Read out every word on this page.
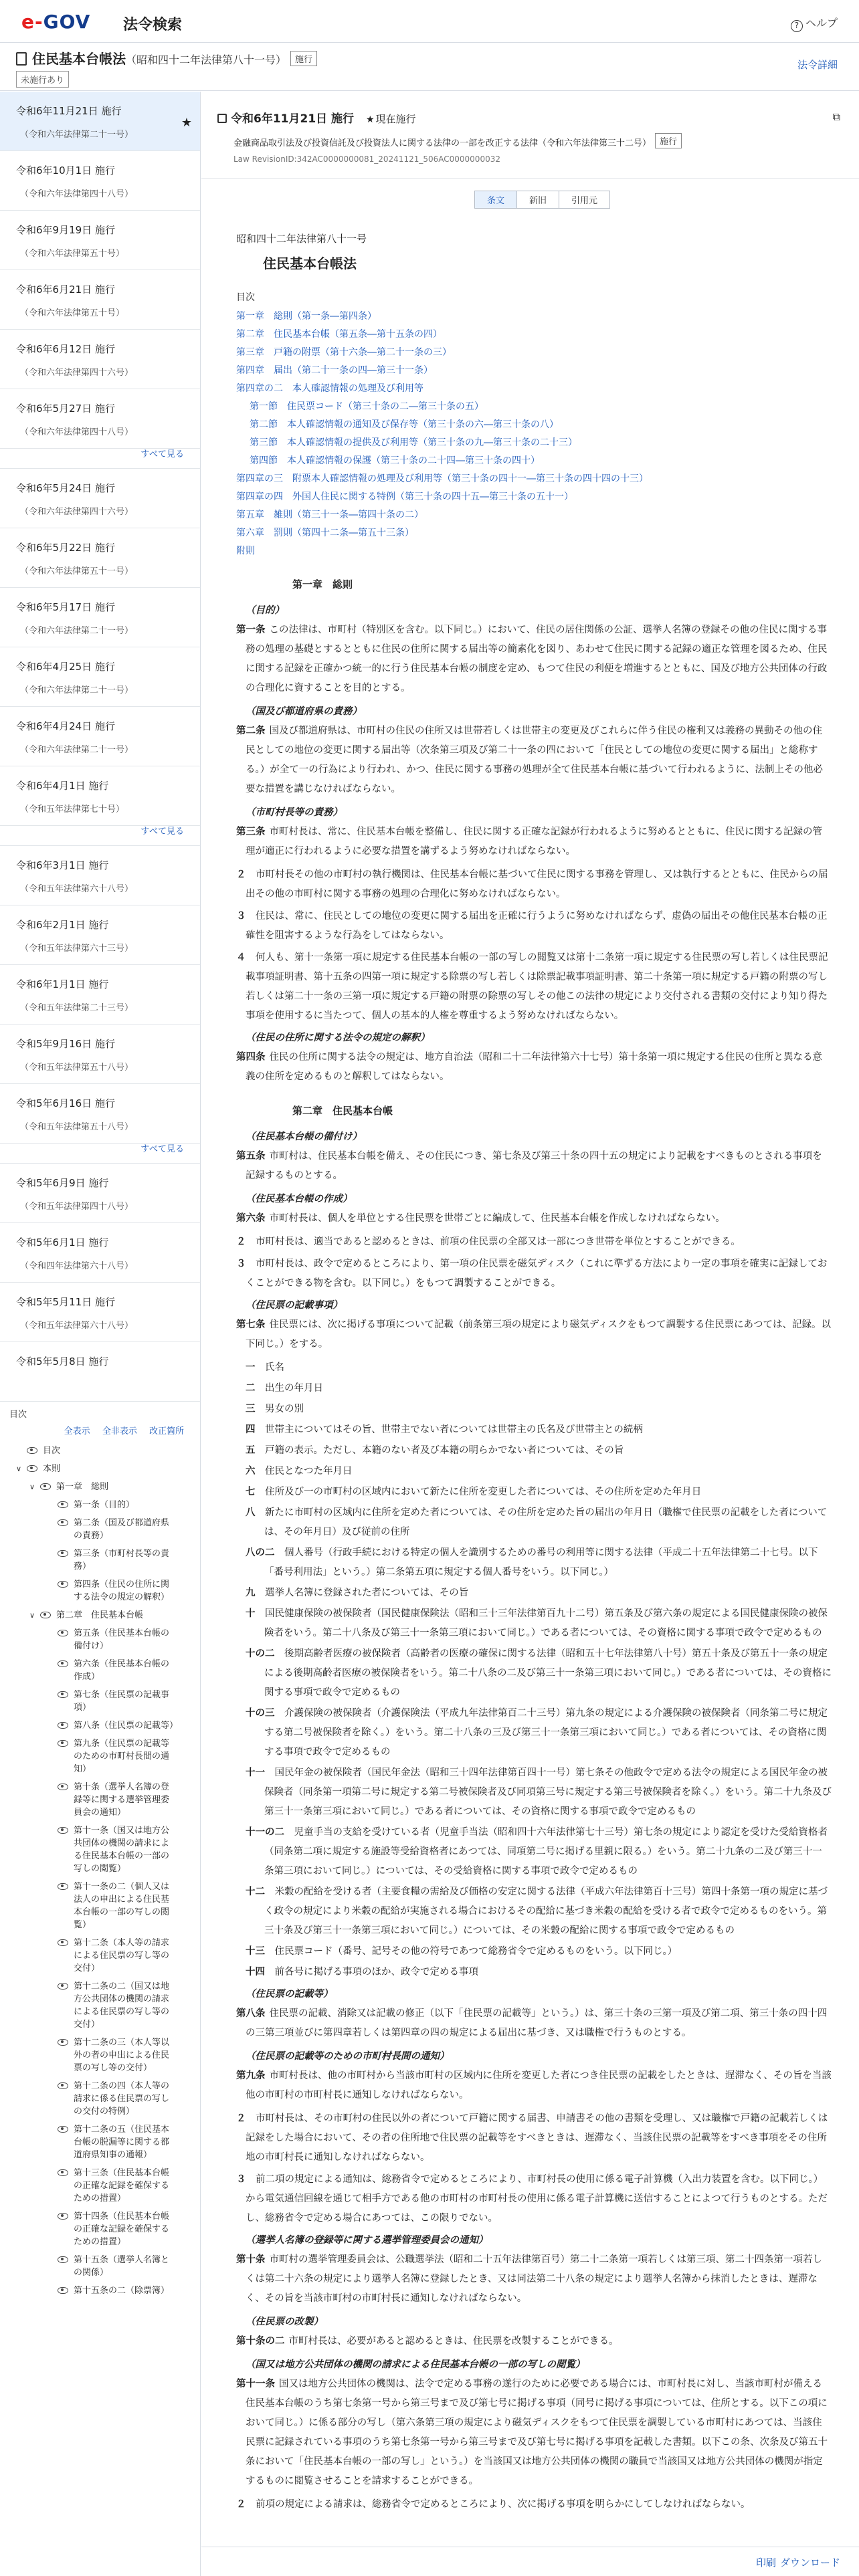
e-GOV 法令検索	? ヘルプ
住民基本台帳法（昭和四十二年法律第八十一号） 施行
未施行あり
法令詳細
令和6年11月21日 施行
（令和六年法律第二十一号）
★
令和6年10月1日 施行
（令和六年法律第四十八号）
令和6年9月19日 施行
（令和六年法律第五十号）
令和6年6月21日 施行
（令和六年法律第五十号）
令和6年6月12日 施行
（令和六年法律第四十六号）
令和6年5月27日 施行
（令和六年法律第四十八号）
すべて見る
令和6年5月24日 施行
（令和六年法律第四十六号）
令和6年5月22日 施行
（令和六年法律第五十一号）
令和6年5月17日 施行
（令和六年法律第二十一号）
令和6年4月25日 施行
（令和六年法律第二十一号）
令和6年4月24日 施行
（令和六年法律第二十一号）
令和6年4月1日 施行
（令和五年法律第七十号）
すべて見る
令和6年3月1日 施行
（令和五年法律第六十八号）
令和6年2月1日 施行
（令和五年法律第六十三号）
令和6年1月1日 施行
（令和五年法律第二十三号）
令和5年9月16日 施行
（令和五年法律第五十八号）
令和5年6月16日 施行
（令和五年法律第五十八号）
すべて見る
令和5年6月9日 施行
（令和五年法律第四十八号）
令和5年6月1日 施行
（令和四年法律第六十八号）
令和5年5月11日 施行
（令和五年法律第六十八号）
令和5年5月8日 施行
目次
全表示 全非表示 改正箇所
目次
∨	本則
∨	第一章　総則
第一条（目的）
第二条（国及び都道府県の責務）
第三条（市町村長等の責務）
第四条（住民の住所に関する法令の規定の解釈）
∨	第二章　住民基本台帳
第五条（住民基本台帳の備付け）
第六条（住民基本台帳の作成）
第七条（住民票の記載事項）
第八条（住民票の記載等）
第九条（住民票の記載等のための市町村長間の通知）
第十条（選挙人名簿の登録等に関する選挙管理委員会の通知）
第十一条（国又は地方公共団体の機関の請求による住民基本台帳の一部の写しの閲覧）
第十一条の二（個人又は法人の申出による住民基本台帳の一部の写しの閲覧）
第十二条（本人等の請求による住民票の写し等の交付）
第十二条の二（国又は地方公共団体の機関の請求による住民票の写し等の交付）
第十二条の三（本人等以外の者の申出による住民票の写し等の交付）
第十二条の四（本人等の請求に係る住民票の写しの交付の特例）
第十二条の五（住民基本台帳の脱漏等に関する都道府県知事の通報）
第十三条（住民基本台帳の正確な記録を確保するための措置）
第十四条（住民基本台帳の正確な記録を確保するための措置）
第十五条（選挙人名簿との関係）
第十五条の二（除票簿）
令和6年11月21日 施行 ★ 現在施行
金融商品取引法及び投資信託及び投資法人に関する法律の一部を改正する法律（令和六年法律第三十二号） 施行
Law RevisionID:342AC0000000081_20241121_506AC0000000032
⧉
条文	新旧	引用元
昭和四十二年法律第八十一号
住民基本台帳法
目次
第一章　総則（第一条―第四条）
第二章　住民基本台帳（第五条―第十五条の四）
第三章　戸籍の附票（第十六条―第二十一条の三）
第四章　届出（第二十一条の四―第三十一条）
第四章の二　本人確認情報の処理及び利用等
第一節　住民票コード（第三十条の二―第三十条の五）
第二節　本人確認情報の通知及び保存等（第三十条の六―第三十条の八）
第三節　本人確認情報の提供及び利用等（第三十条の九―第三十条の二十三）
第四節　本人確認情報の保護（第三十条の二十四―第三十条の四十）
第四章の三　附票本人確認情報の処理及び利用等（第三十条の四十一―第三十条の四十四の十三）
第四章の四　外国人住民に関する特例（第三十条の四十五―第三十条の五十一）
第五章　雑則（第三十一条―第四十条の二）
第六章　罰則（第四十二条―第五十三条）
附則
第一章　総則
（目的）
第一条 この法律は、市町村（特別区を含む。以下同じ。）において、住民の居住関係の公証、選挙人名簿の登録その他の住民に関する事務の処理の基礎とするとともに住民の住所に関する届出等の簡素化を図り、あわせて住民に関する記録の適正な管理を図るため、住民に関する記録を正確かつ統一的に行う住民基本台帳の制度を定め、もつて住民の利便を増進するとともに、国及び地方公共団体の行政の合理化に資することを目的とする。
（国及び都道府県の責務）
第二条 国及び都道府県は、市町村の住民の住所又は世帯若しくは世帯主の変更及びこれらに伴う住民の権利又は義務の異動その他の住民としての地位の変更に関する届出等（次条第三項及び第二十一条の四において「住民としての地位の変更に関する届出」と総称する。）が全て一の行為により行われ、かつ、住民に関する事務の処理が全て住民基本台帳に基づいて行われるように、法制上その他必要な措置を講じなければならない。
（市町村長等の責務）
第三条 市町村長は、常に、住民基本台帳を整備し、住民に関する正確な記録が行われるように努めるとともに、住民に関する記録の管理が適正に行われるように必要な措置を講ずるよう努めなければならない。
２　 市町村長その他の市町村の執行機関は、住民基本台帳に基づいて住民に関する事務を管理し、又は執行するとともに、住民からの届出その他の市町村に関する事務の処理の合理化に努めなければならない。
３　 住民は、常に、住民としての地位の変更に関する届出を正確に行うように努めなければならず、虚偽の届出その他住民基本台帳の正確性を阻害するような行為をしてはならない。
４　 何人も、第十一条第一項に規定する住民基本台帳の一部の写しの閲覧又は第十二条第一項に規定する住民票の写し若しくは住民票記載事項証明書、第十五条の四第一項に規定する除票の写し若しくは除票記載事項証明書、第二十条第一項に規定する戸籍の附票の写し若しくは第二十一条の三第一項に規定する戸籍の附票の除票の写しその他この法律の規定により交付される書類の交付により知り得た事項を使用するに当たつて、個人の基本的人権を尊重するよう努めなければならない。
（住民の住所に関する法令の規定の解釈）
第四条 住民の住所に関する法令の規定は、地方自治法（昭和二十二年法律第六十七号）第十条第一項に規定する住民の住所と異なる意義の住所を定めるものと解釈してはならない。
第二章　住民基本台帳
（住民基本台帳の備付け）
第五条 市町村は、住民基本台帳を備え、その住民につき、第七条及び第三十条の四十五の規定により記載をすべきものとされる事項を記録するものとする。
（住民基本台帳の作成）
第六条 市町村長は、個人を単位とする住民票を世帯ごとに編成して、住民基本台帳を作成しなければならない。
２　 市町村長は、適当であると認めるときは、前項の住民票の全部又は一部につき世帯を単位とすることができる。
３　 市町村長は、政令で定めるところにより、第一項の住民票を磁気ディスク（これに準ずる方法により一定の事項を確実に記録しておくことができる物を含む。以下同じ。）をもつて調製することができる。
（住民票の記載事項）
第七条 住民票には、次に掲げる事項について記載（前条第三項の規定により磁気ディスクをもつて調製する住民票にあつては、記録。以下同じ。）をする。
一　 氏名
二　 出生の年月日
三　 男女の別
四　 世帯主についてはその旨、世帯主でない者については世帯主の氏名及び世帯主との続柄
五　 戸籍の表示。ただし、本籍のない者及び本籍の明らかでない者については、その旨
六　 住民となつた年月日
七　 住所及び一の市町村の区域内において新たに住所を変更した者については、その住所を定めた年月日
八　 新たに市町村の区域内に住所を定めた者については、その住所を定めた旨の届出の年月日（職権で住民票の記載をした者については、その年月日）及び従前の住所
八の二　 個人番号（行政手続における特定の個人を識別するための番号の利用等に関する法律（平成二十五年法律第二十七号。以下「番号利用法」という。）第二条第五項に規定する個人番号をいう。以下同じ。）
九　 選挙人名簿に登録された者については、その旨
十　 国民健康保険の被保険者（国民健康保険法（昭和三十三年法律第百九十二号）第五条及び第六条の規定による国民健康保険の被保険者をいう。第二十八条及び第三十一条第三項において同じ。）である者については、その資格に関する事項で政令で定めるもの
十の二　 後期高齢者医療の被保険者（高齢者の医療の確保に関する法律（昭和五十七年法律第八十号）第五十条及び第五十一条の規定による後期高齢者医療の被保険者をいう。第二十八条の二及び第三十一条第三項において同じ。）である者については、その資格に関する事項で政令で定めるもの
十の三　 介護保険の被保険者（介護保険法（平成九年法律第百二十三号）第九条の規定による介護保険の被保険者（同条第二号に規定する第二号被保険者を除く。）をいう。第二十八条の三及び第三十一条第三項において同じ。）である者については、その資格に関する事項で政令で定めるもの
十一　 国民年金の被保険者（国民年金法（昭和三十四年法律第百四十一号）第七条その他政令で定める法令の規定による国民年金の被保険者（同条第一項第二号に規定する第二号被保険者及び同項第三号に規定する第三号被保険者を除く。）をいう。第二十九条及び第三十一条第三項において同じ。）である者については、その資格に関する事項で政令で定めるもの
十一の二　 児童手当の支給を受けている者（児童手当法（昭和四十六年法律第七十三号）第七条の規定により認定を受けた受給資格者（同条第二項に規定する施設等受給資格者にあつては、同項第二号に掲げる里親に限る。）をいう。第二十九条の二及び第三十一条第三項において同じ。）については、その受給資格に関する事項で政令で定めるもの
十二　 米穀の配給を受ける者（主要食糧の需給及び価格の安定に関する法律（平成六年法律第百十三号）第四十条第一項の規定に基づく政令の規定により米穀の配給が実施される場合におけるその配給に基づき米穀の配給を受ける者で政令で定めるものをいう。第三十条及び第三十一条第三項において同じ。）については、その米穀の配給に関する事項で政令で定めるもの
十三　 住民票コード（番号、記号その他の符号であつて総務省令で定めるものをいう。以下同じ。）
十四　 前各号に掲げる事項のほか、政令で定める事項
（住民票の記載等）
第八条 住民票の記載、消除又は記載の修正（以下「住民票の記載等」という。）は、第三十条の三第一項及び第二項、第三十条の四十四の三第三項並びに第四章若しくは第四章の四の規定による届出に基づき、又は職権で行うものとする。
（住民票の記載等のための市町村長間の通知）
第九条 市町村長は、他の市町村から当該市町村の区域内に住所を変更した者につき住民票の記載をしたときは、遅滞なく、その旨を当該他の市町村の市町村長に通知しなければならない。
２　 市町村長は、その市町村の住民以外の者について戸籍に関する届書、申請書その他の書類を受理し、又は職権で戸籍の記載若しくは記録をした場合において、その者の住所地で住民票の記載等をすべきときは、遅滞なく、当該住民票の記載等をすべき事項をその住所地の市町村長に通知しなければならない。
３　 前二項の規定による通知は、総務省令で定めるところにより、市町村長の使用に係る電子計算機（入出力装置を含む。以下同じ。）から電気通信回線を通じて相手方である他の市町村の市町村長の使用に係る電子計算機に送信することによつて行うものとする。ただし、総務省令で定める場合にあつては、この限りでない。
（選挙人名簿の登録等に関する選挙管理委員会の通知）
第十条 市町村の選挙管理委員会は、公職選挙法（昭和二十五年法律第百号）第二十二条第一項若しくは第三項、第二十四条第一項若しくは第二十六条の規定により選挙人名簿に登録したとき、又は同法第二十八条の規定により選挙人名簿から抹消したときは、遅滞なく、その旨を当該市町村の市町村長に通知しなければならない。
（住民票の改製）
第十条の二 市町村長は、必要があると認めるときは、住民票を改製することができる。
（国又は地方公共団体の機関の請求による住民基本台帳の一部の写しの閲覧）
第十一条 国又は地方公共団体の機関は、法令で定める事務の遂行のために必要である場合には、市町村長に対し、当該市町村が備える住民基本台帳のうち第七条第一号から第三号まで及び第七号に掲げる事項（同号に掲げる事項については、住所とする。以下この項において同じ。）に係る部分の写し（第六条第三項の規定により磁気ディスクをもつて住民票を調製している市町村にあつては、当該住民票に記録されている事項のうち第七条第一号から第三号まで及び第七号に掲げる事項を記載した書類。以下この条、次条及び第五十条において「住民基本台帳の一部の写し」という。）を当該国又は地方公共団体の機関の職員で当該国又は地方公共団体の機関が指定するものに閲覧させることを請求することができる。
２　 前項の規定による請求は、総務省令で定めるところにより、次に掲げる事項を明らかにしてしなければならない。
印刷 ダウンロード
